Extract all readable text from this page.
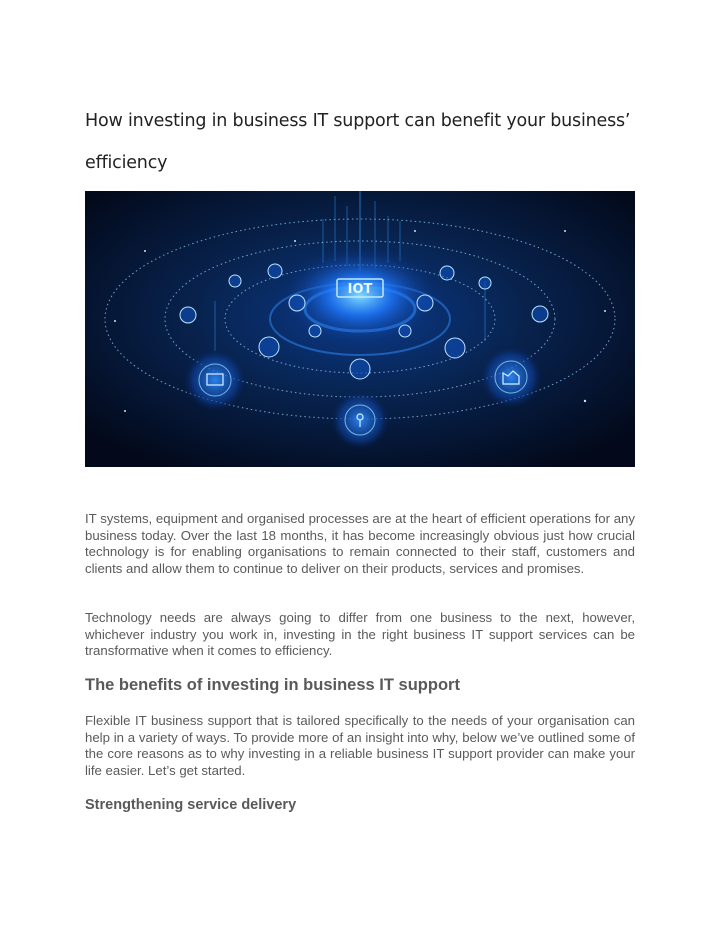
How investing in business IT support can benefit your business’ efficiency
IOT

IT systems, equipment and organised processes are at the heart of efficient operations for any business today. Over the last 18 months, it has become increasingly obvious just how crucial technology is for enabling organisations to remain connected to their staff, customers and clients and allow them to continue to deliver on their products, services and promises.

Technology needs are always going to differ from one business to the next, however, whichever industry you work in, investing in the right business IT support services can be transformative when it comes to efficiency.

The benefits of investing in business IT support

Flexible IT business support that is tailored specifically to the needs of your organisation can help in a variety of ways. To provide more of an insight into why, below we’ve outlined some of the core reasons as to why investing in a reliable business IT support provider can make your life easier. Let’s get started.

Strengthening service delivery
